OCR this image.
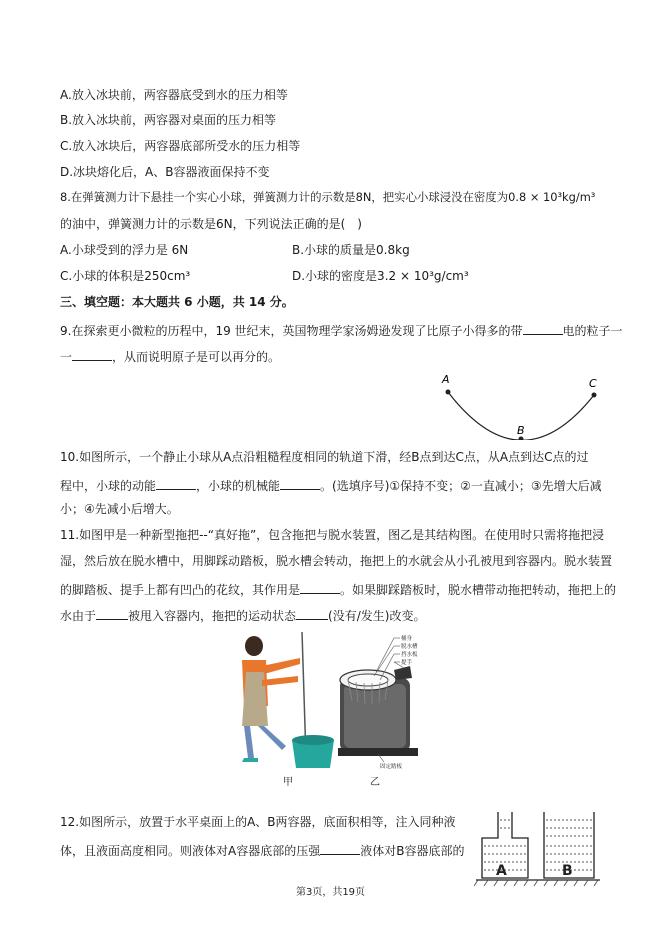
A.放入冰块前，两容器底受到水的压力相等
B.放入冰块前，两容器对桌面的压力相等
C.放入冰块后，两容器底部所受水的压力相等
D.冰块熔化后，A、B容器液面保持不变
8.在弹簧测力计下悬挂一个实心小球，弹簧测力计的示数是8N，把实心小球浸没在密度为0.8 × 10³kg/m³
的油中，弹簧测力计的示数是6N，下列说法正确的是(　)
A.小球受到的浮力是 6N	B.小球的质量是0.8kg
C.小球的体积是250cm³	D.小球的密度是3.2 × 10³g/cm³
三、填空题：本大题共 6 小题，共 14 分。
9.在探索更小微粒的历程中，19 世纪末，英国物理学家汤姆逊发现了比原子小得多的带	电的粒子一
一	，从而说明原子是可以再分的。
A
B
C
10.如图所示，一个静止小球从A点沿粗糙程度相同的轨道下滑，经B点到达C点，从A点到达C点的过
程中，小球的动能	，小球的机械能	。(选填序号)①保持不变；②一直减小；③先增大后减
小；④先减小后增大。
11.如图甲是一种新型拖把--“真好拖”，包含拖把与脱水装置，图乙是其结构图。在使用时只需将拖把浸
湿，然后放在脱水槽中，用脚踩动踏板，脱水槽会转动，拖把上的水就会从小孔被甩到容器内。脱水装置
的脚踏板、提手上都有凹凸的花纹，其作用是	。如果脚踩踏板时，脱水槽带动拖把转动，拖把上的
水由于	被甩入容器内，拖把的运动状态	(没有/发生)改变。
桶身
脱水槽
挡水板
提手
固定踏板
甲	乙
12.如图所示，放置于水平桌面上的A、B两容器，底面积相等，注入同种液
体，且液面高度相同。则液体对A容器底部的压强	液体对B容器底部的
A	B
第3页，共19页
